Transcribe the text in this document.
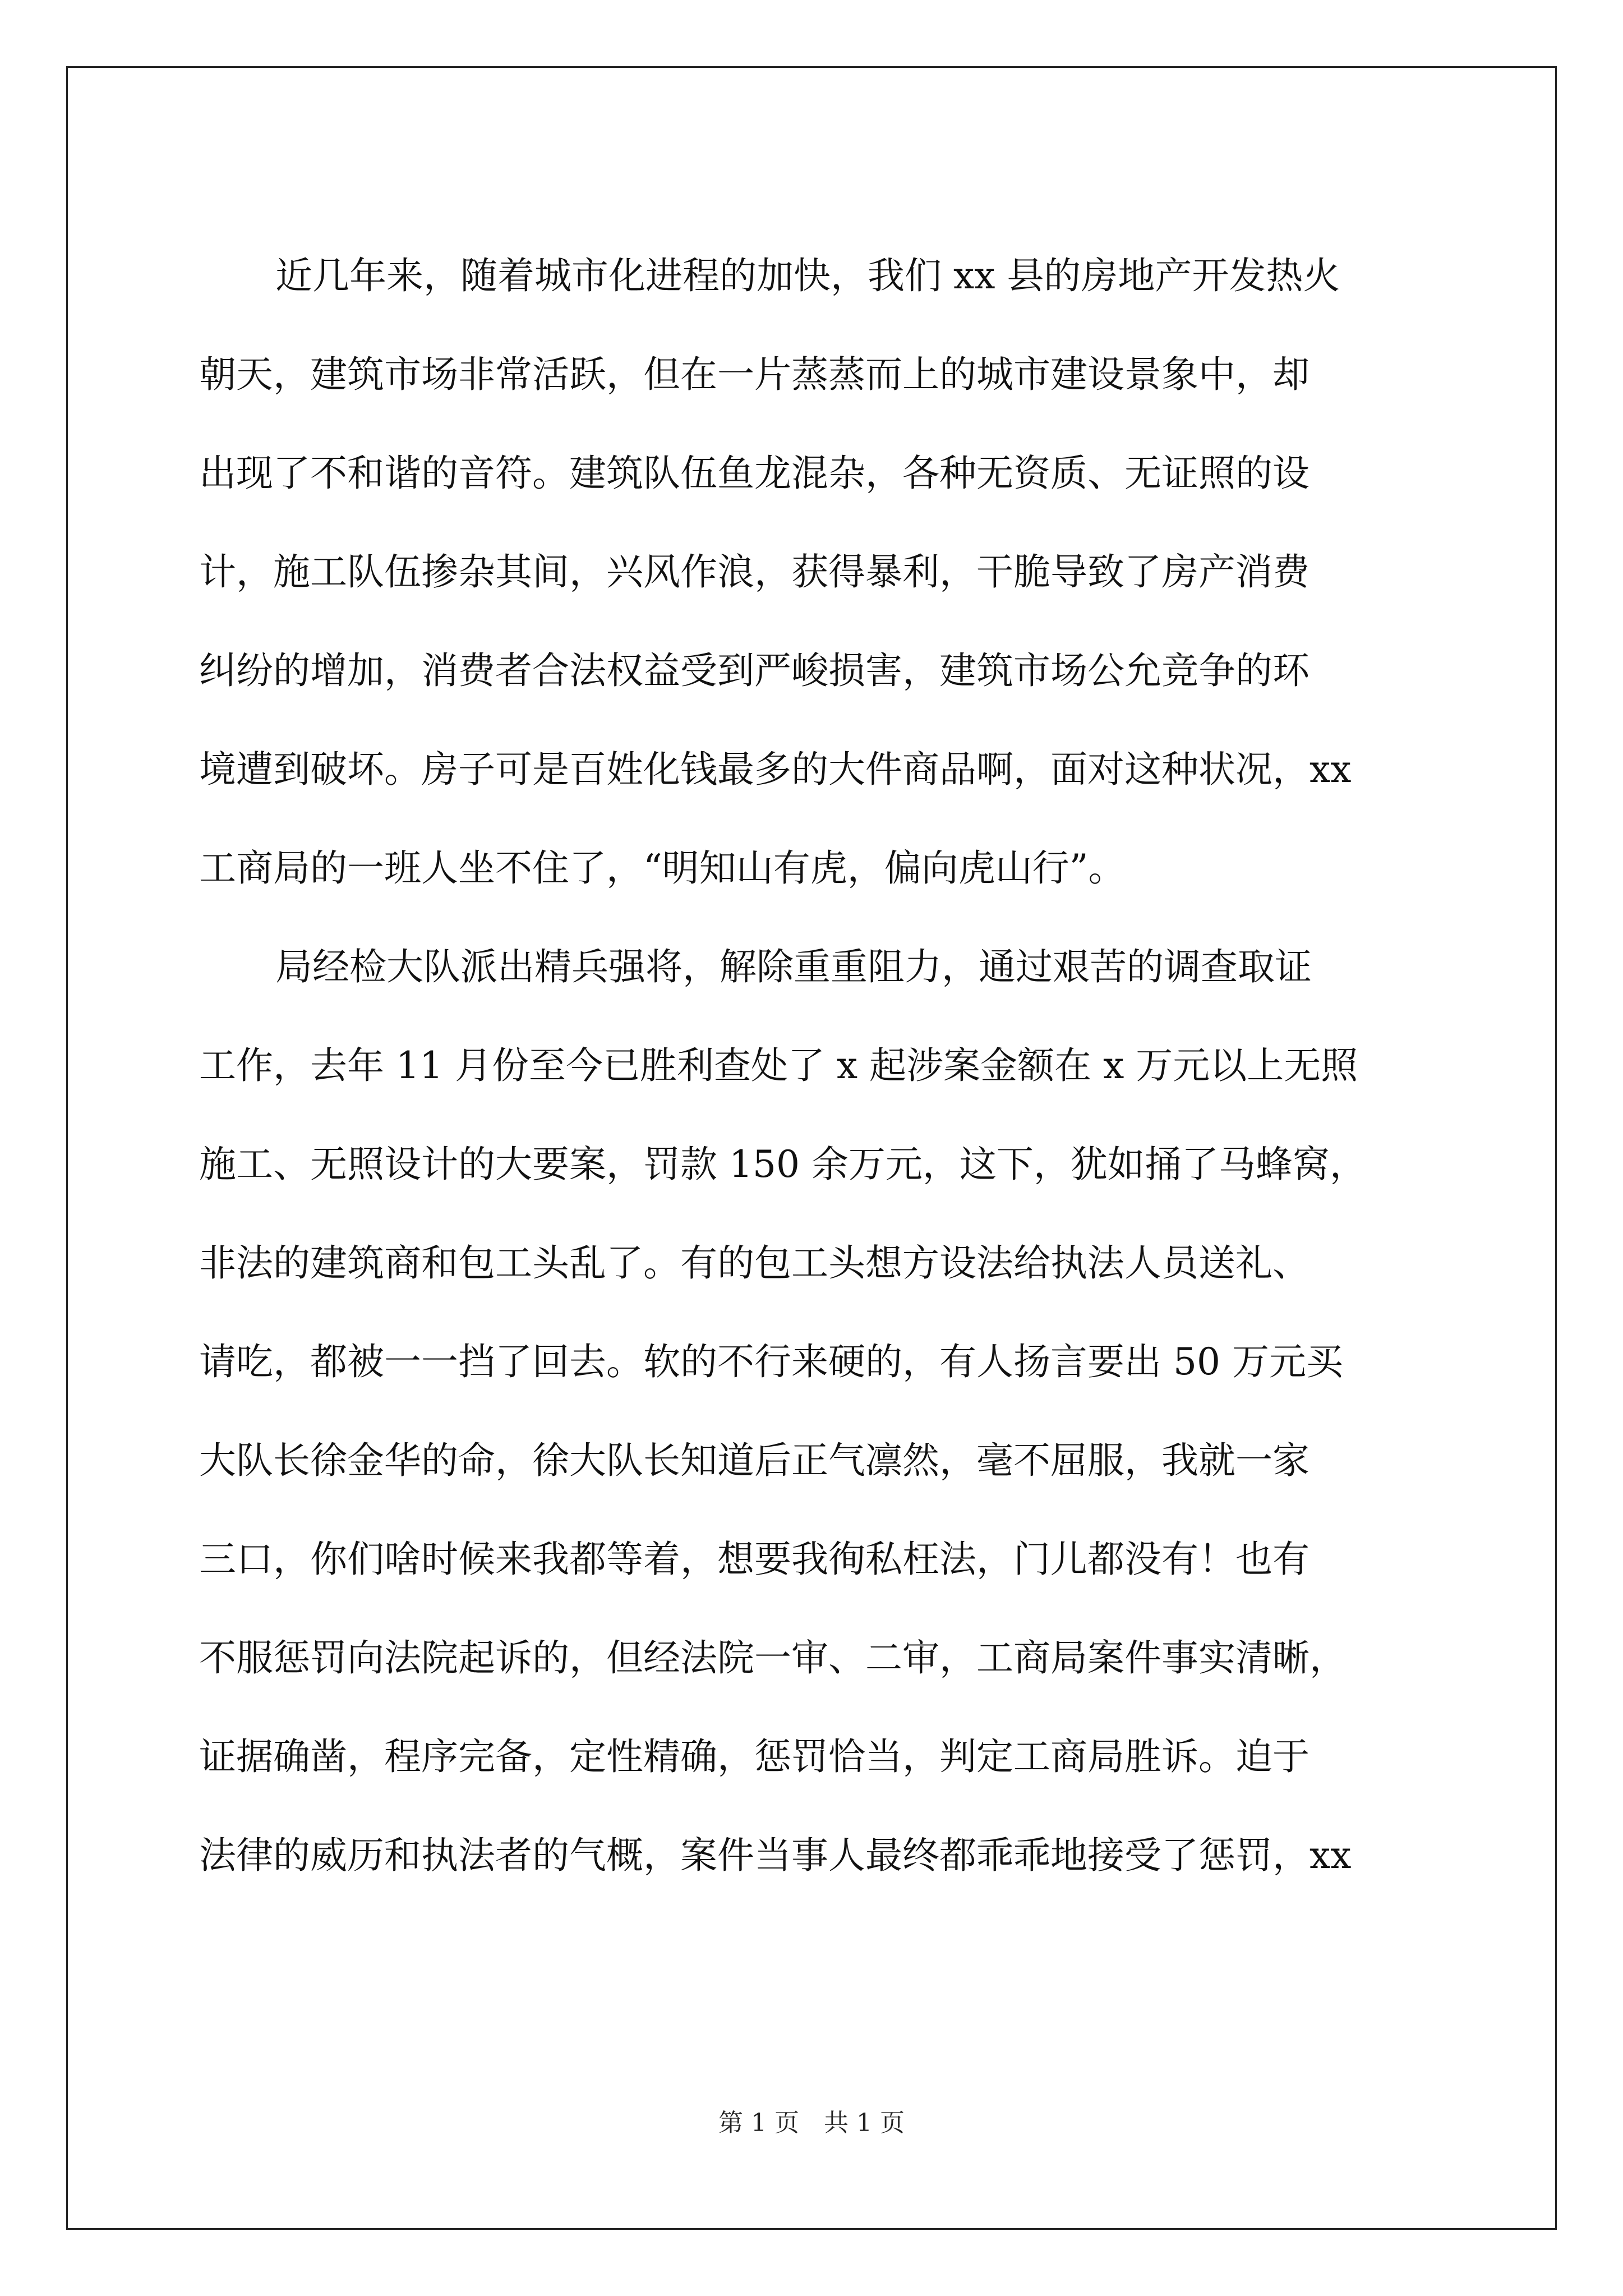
近几年来，随着城市化进程的加快，我们 xx 县的房地产开发热火
朝天，建筑市场非常活跃，但在一片蒸蒸而上的城市建设景象中，却
出现了不和谐的音符。建筑队伍鱼龙混杂，各种无资质、无证照的设
计，施工队伍掺杂其间，兴风作浪，获得暴利，干脆导致了房产消费
纠纷的增加，消费者合法权益受到严峻损害，建筑市场公允竞争的环
境遭到破坏。房子可是百姓化钱最多的大件商品啊，面对这种状况，xx
工商局的一班人坐不住了，“明知山有虎，偏向虎山行”。
局经检大队派出精兵强将，解除重重阻力，通过艰苦的调查取证
工作，去年 11 月份至今已胜利查处了 x 起涉案金额在 x 万元以上无照
施工、无照设计的大要案，罚款 150 余万元，这下，犹如捅了马蜂窝，
非法的建筑商和包工头乱了。有的包工头想方设法给执法人员送礼、
请吃，都被一一挡了回去。软的不行来硬的，有人扬言要出 50 万元买
大队长徐金华的命，徐大队长知道后正气凛然，毫不屈服，我就一家
三口，你们啥时候来我都等着，想要我徇私枉法，门儿都没有！也有
不服惩罚向法院起诉的，但经法院一审、二审，工商局案件事实清晰，
证据确凿，程序完备，定性精确，惩罚恰当，判定工商局胜诉。迫于
法律的威历和执法者的气概，案件当事人最终都乖乖地接受了惩罚，xx
第 1 页　共 1 页
